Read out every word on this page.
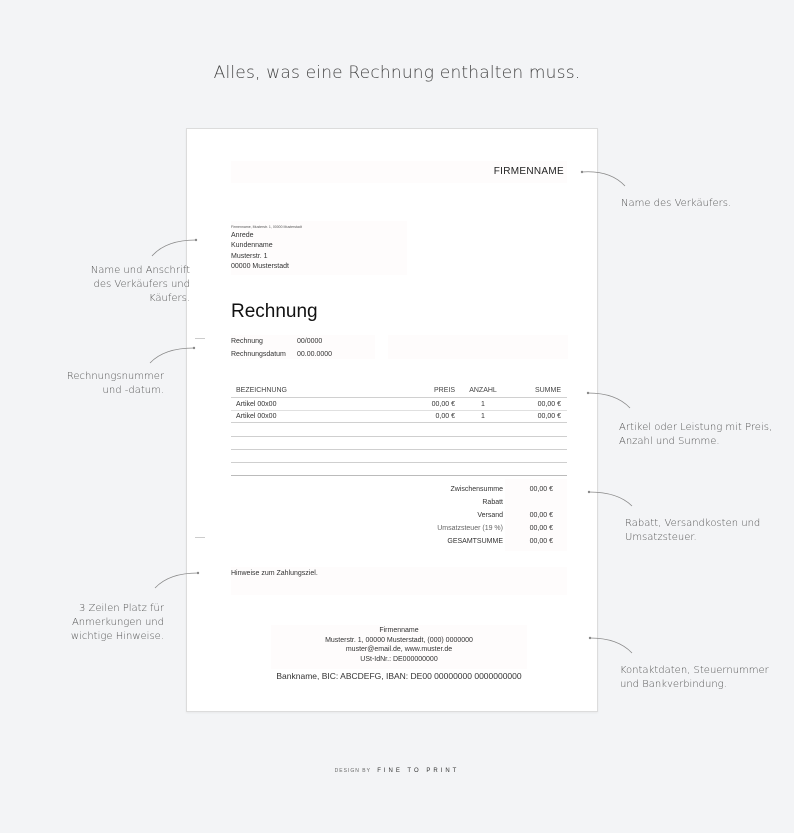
Alles, was eine Rechnung enthalten muss.
FIRMENNAME
Firmenname, Musterstr. 1, 00000 Musterstadt
Anrede
Kundenname
Musterstr. 1
00000 Musterstadt
Rechnung
Rechnung	00/0000
Rechnungsdatum 00.00.0000
BEZEICHNUNG	PREIS	ANZAHL	SUMME
Artikel 00x00	00,00 €	1	00,00 €
Artikel 00x00	0,00 €	1	00,00 €
Zwischensumme	00,00 €
Rabatt
Versand	00,00 €
Umsatzsteuer (19 %)	00,00 €
GESAMTSUMME	00,00 €
Hinweise zum Zahlungsziel.
Firmenname
Musterstr. 1, 00000 Musterstadt, (000) 0000000
muster@email.de, www.muster.de
USt-IdNr.: DE000000000
Bankname, BIC: ABCDEFG, IBAN: DE00 00000000 0000000000
Name des Verkäufers.
Name und Anschrift
des Verkäufers und
Käufers.
Rechnungsnummer
und -datum.
Artikel oder Leistung mit Preis,
Anzahl und Summe.
Rabatt, Versandkosten und
Umsatzsteuer.
3 Zeilen Platz für
Anmerkungen und
wichtige Hinweise.
Kontaktdaten, Steuernummer
und Bankverbindung.
DESIGN BY FINE TO PRINT
